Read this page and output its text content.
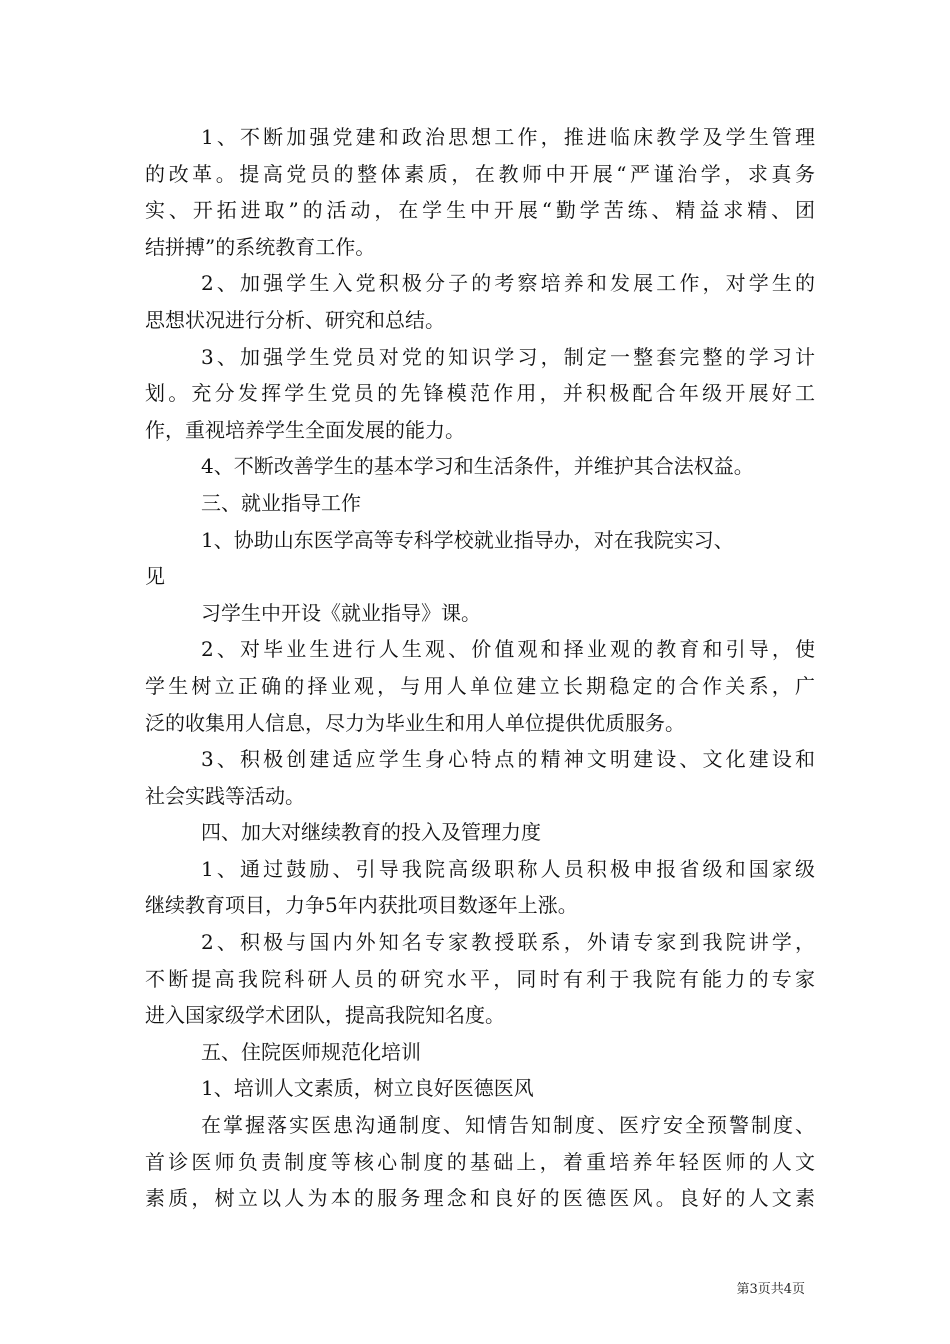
1、不断加强党建和政治思想工作，推进临床教学及学生管理
的改革。提高党员的整体素质，在教师中开展“严谨治学，求真务
实、开拓进取”的活动，在学生中开展“勤学苦练、精益求精、团
结拼搏”的系统教育工作。
2、加强学生入党积极分子的考察培养和发展工作，对学生的
思想状况进行分析、研究和总结。
3、加强学生党员对党的知识学习，制定一整套完整的学习计
划。充分发挥学生党员的先锋模范作用，并积极配合年级开展好工
作，重视培养学生全面发展的能力。
4、不断改善学生的基本学习和生活条件，并维护其合法权益。
三、就业指导工作
1、协助山东医学高等专科学校就业指导办，对在我院实习、
见
习学生中开设《就业指导》课。
2、对毕业生进行人生观、价值观和择业观的教育和引导，使
学生树立正确的择业观，与用人单位建立长期稳定的合作关系，广
泛的收集用人信息，尽力为毕业生和用人单位提供优质服务。
3、积极创建适应学生身心特点的精神文明建设、文化建设和
社会实践等活动。
四、加大对继续教育的投入及管理力度
1、通过鼓励、引导我院高级职称人员积极申报省级和国家级
继续教育项目，力争5年内获批项目数逐年上涨。
2、积极与国内外知名专家教授联系，外请专家到我院讲学，
不断提高我院科研人员的研究水平，同时有利于我院有能力的专家
进入国家级学术团队，提高我院知名度。
五、住院医师规范化培训
1、培训人文素质，树立良好医德医风
在掌握落实医患沟通制度、知情告知制度、医疗安全预警制度、
首诊医师负责制度等核心制度的基础上，着重培养年轻医师的人文
素质，树立以人为本的服务理念和良好的医德医风。良好的人文素
第3页共4页
